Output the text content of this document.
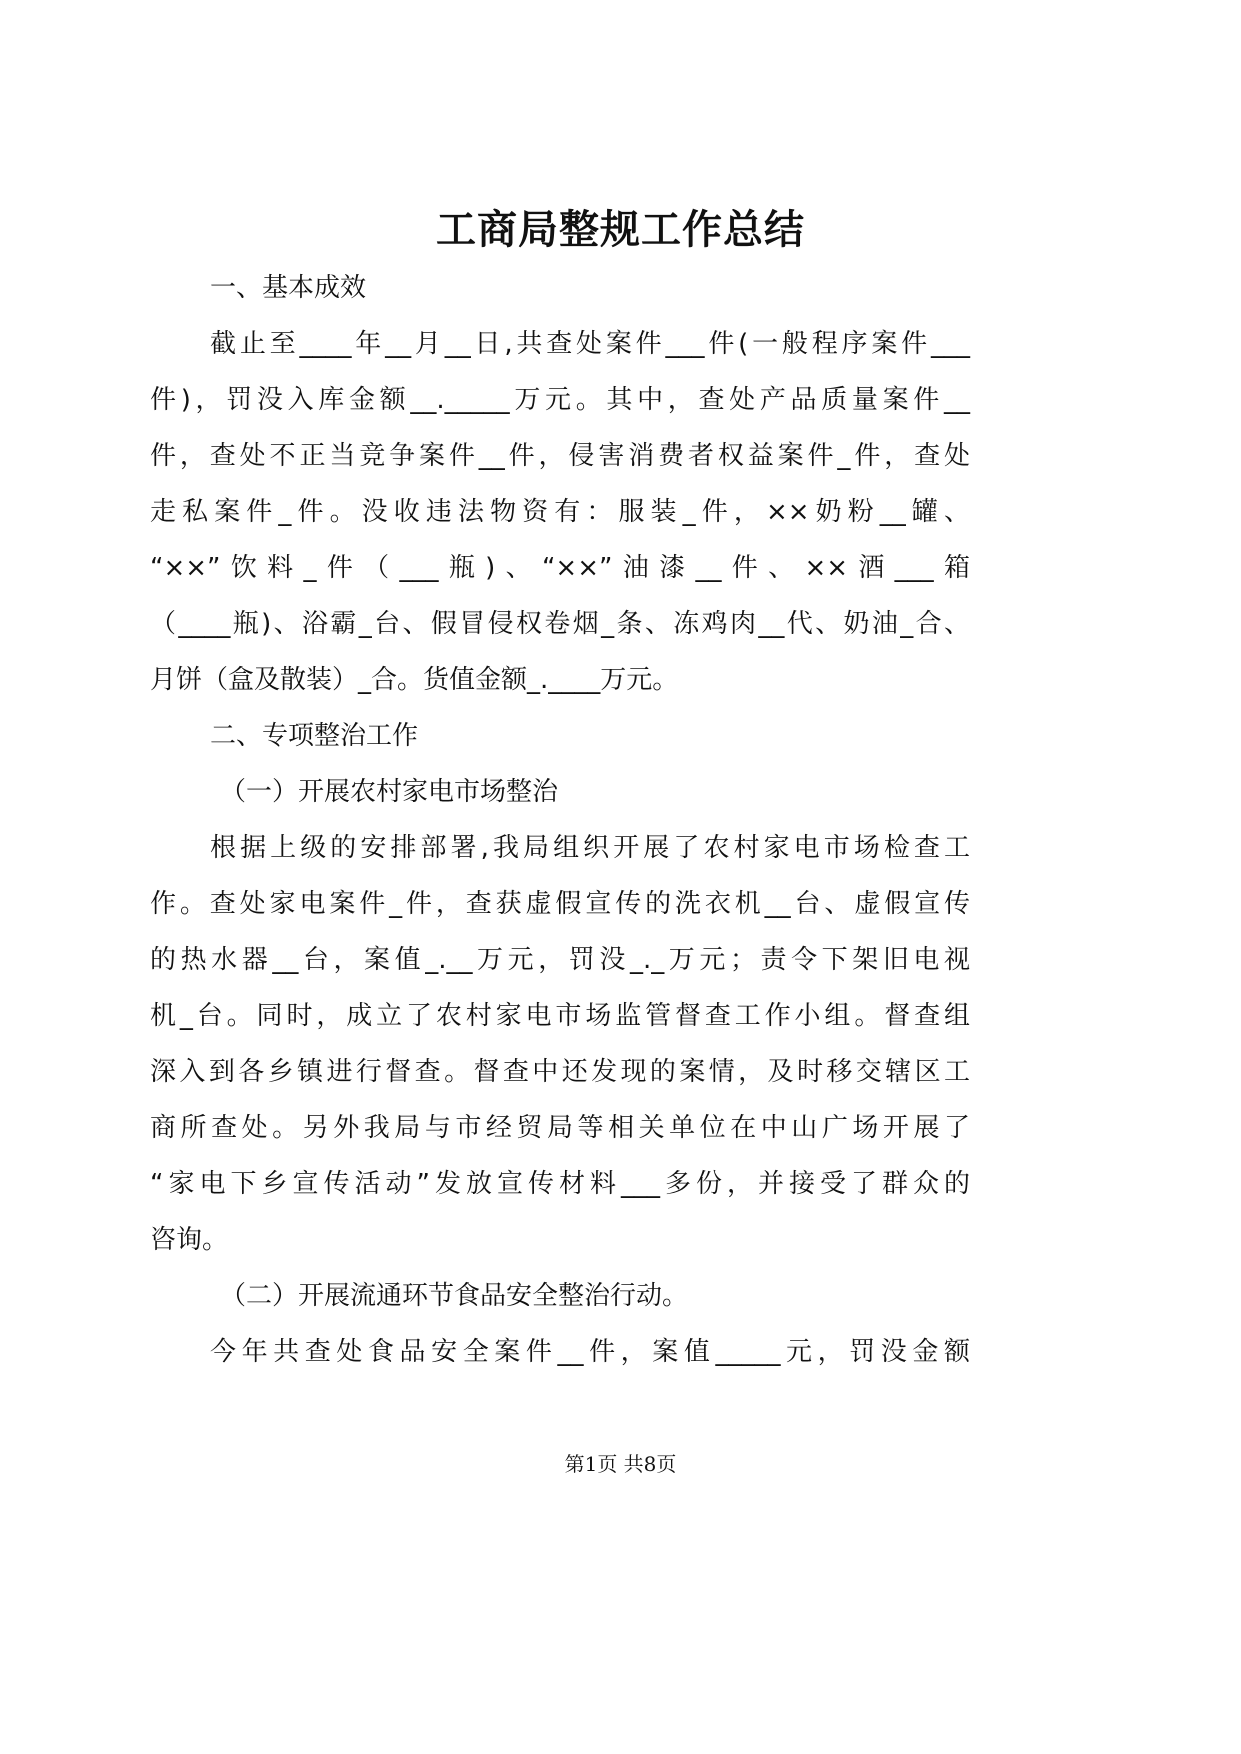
工商局整规工作总结
一、基本成效
截止至____年__月__日,共查处案件___件(一般程序案件___
件)，罚没入库金额__._____万元。其中，查处产品质量案件__
件，查处不正当竞争案件__件，侵害消费者权益案件_件，查处
走私案件_件。没收违法物资有：服装_件，××奶粉__罐、
“××”饮料_件（___瓶)、“××”油漆__件、××酒___箱
（____瓶)、浴霸_台、假冒侵权卷烟_条、冻鸡肉__代、奶油_合、
月饼（盒及散装）_合。货值金额_.____万元。
二、专项整治工作
（一）开展农村家电市场整治
根据上级的安排部署,我局组织开展了农村家电市场检查工
作。查处家电案件_件，查获虚假宣传的洗衣机__台、虚假宣传
的热水器__台，案值_.__万元，罚没_._万元；责令下架旧电视
机_台。同时，成立了农村家电市场监管督查工作小组。督查组
深入到各乡镇进行督查。督查中还发现的案情，及时移交辖区工
商所查处。另外我局与市经贸局等相关单位在中山广场开展了
“家电下乡宣传活动”发放宣传材料___多份，并接受了群众的
咨询。
（二）开展流通环节食品安全整治行动。
今年共查处食品安全案件__件，案值_____元，罚没金额
第1页 共8页
